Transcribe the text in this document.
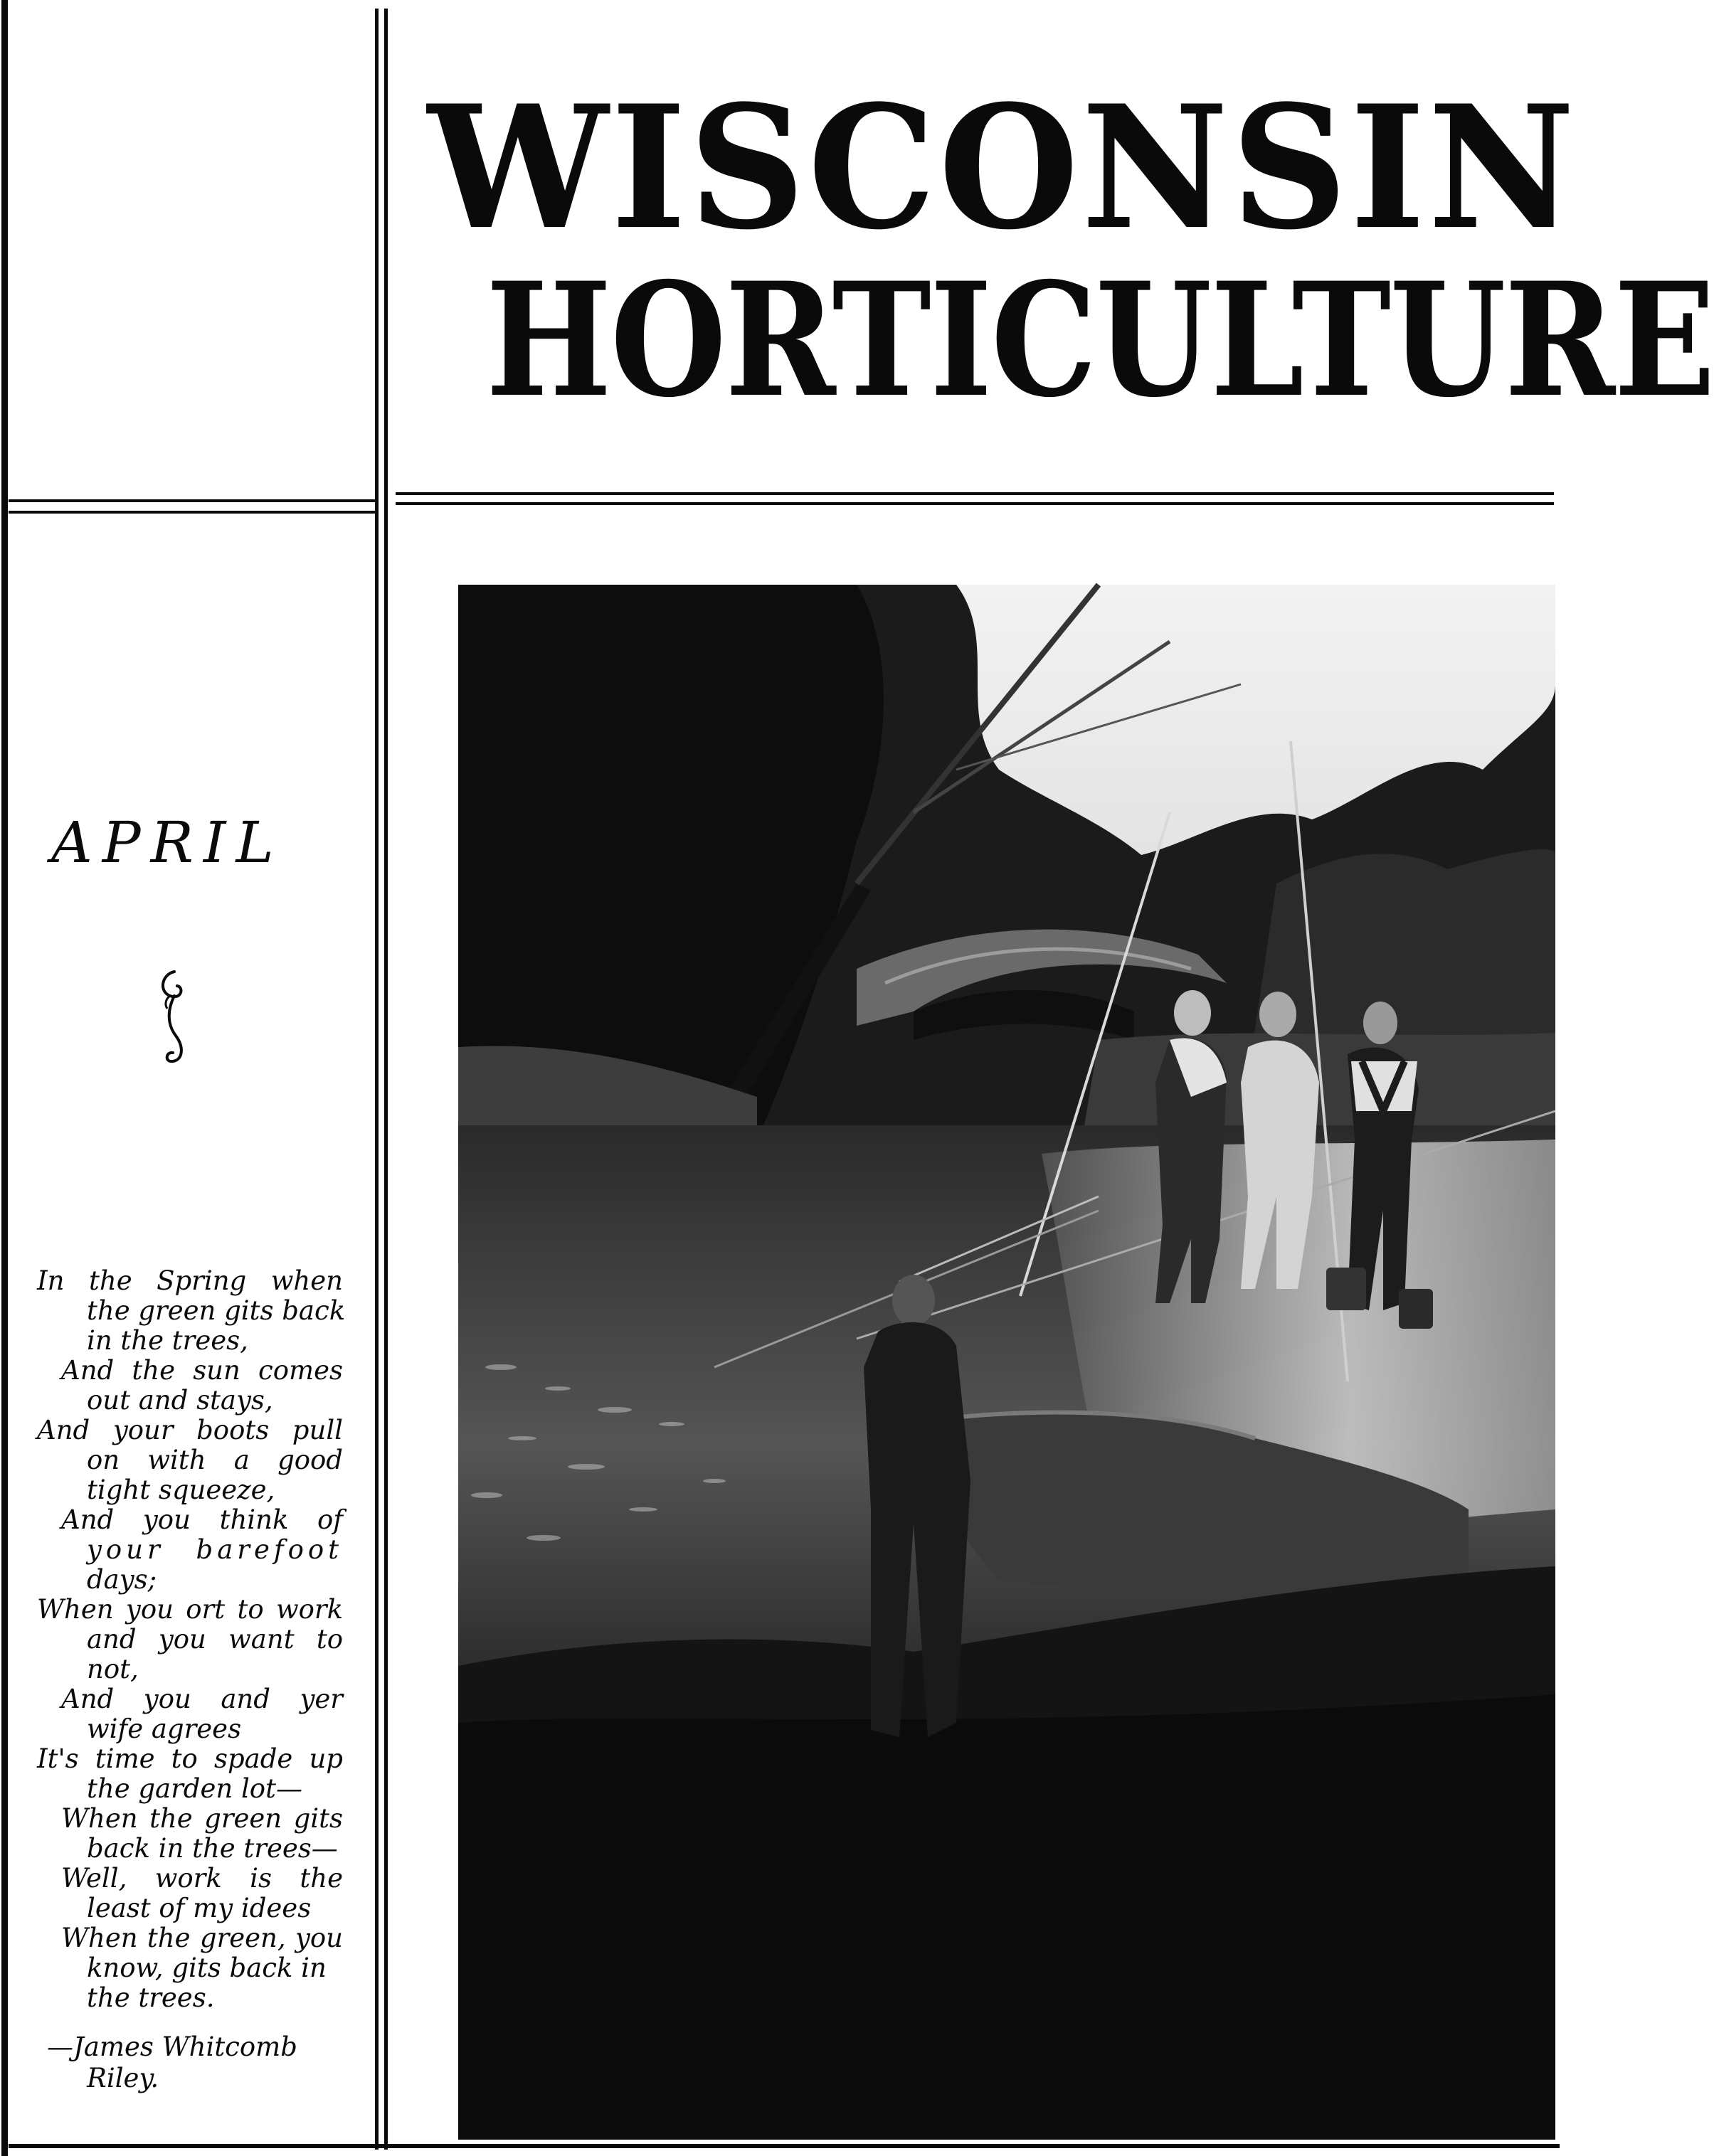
WISCONSIN
HORTICULTURE
APRIL
In the Spring when
the green gits back
in the trees,
And the sun comes
out and stays,
And your boots pull
on with a good
tight squeeze,
And you think of
your barefoot
days;
When you ort to work
and you want to
not,
And you and yer
wife agrees
It's time to spade up
the garden lot—
When the green gits
back in the trees—
Well, work is the
least of my idees
When the green, you
know, gits back in
the trees.
—James Whitcomb
Riley.
